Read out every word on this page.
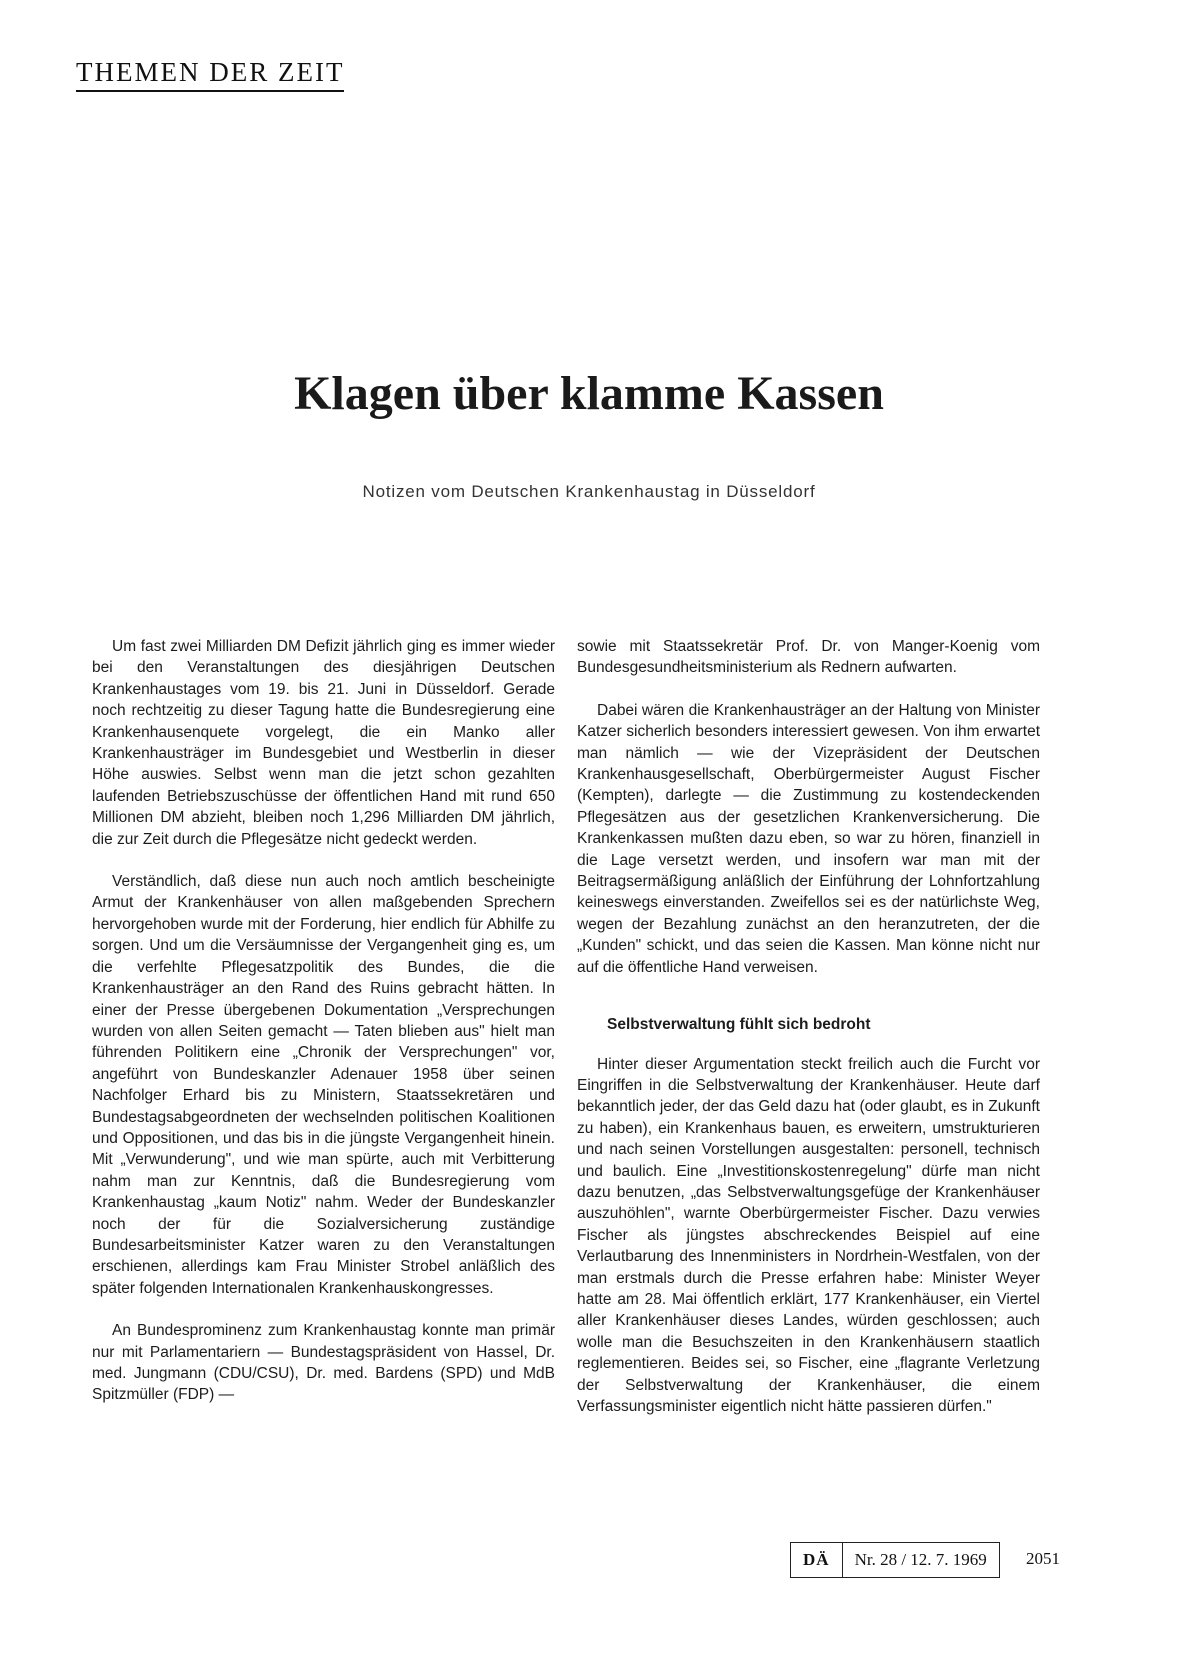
THEMEN DER ZEIT
Klagen über klamme Kassen
Notizen vom Deutschen Krankenhaustag in Düsseldorf

Um fast zwei Milliarden DM Defizit jährlich ging es immer wieder bei den Veranstaltungen des diesjährigen Deutschen Krankenhaustages vom 19. bis 21. Juni in Düsseldorf. Gerade noch rechtzeitig zu dieser Tagung hatte die Bundesregierung eine Krankenhausenquete vorgelegt, die ein Manko aller Krankenhausträger im Bundesgebiet und Westberlin in dieser Höhe auswies. Selbst wenn man die jetzt schon gezahlten laufenden Betriebszuschüsse der öffentlichen Hand mit rund 650 Millionen DM abzieht, bleiben noch 1,296 Milliarden DM jährlich, die zur Zeit durch die Pflegesätze nicht gedeckt werden.

Verständlich, daß diese nun auch noch amtlich bescheinigte Armut der Krankenhäuser von allen maßgebenden Sprechern hervorgehoben wurde mit der Forderung, hier endlich für Abhilfe zu sorgen. Und um die Versäumnisse der Vergangenheit ging es, um die verfehlte Pflegesatzpolitik des Bundes, die die Krankenhausträger an den Rand des Ruins gebracht hätten. In einer der Presse übergebenen Dokumentation „Versprechungen wurden von allen Seiten gemacht — Taten blieben aus" hielt man führenden Politikern eine „Chronik der Versprechungen" vor, angeführt von Bundeskanzler Adenauer 1958 über seinen Nachfolger Erhard bis zu Ministern, Staatssekretären und Bundestagsabgeordneten der wechselnden politischen Koalitionen und Oppositionen, und das bis in die jüngste Vergangenheit hinein. Mit „Verwunderung", und wie man spürte, auch mit Verbitterung nahm man zur Kenntnis, daß die Bundesregierung vom Krankenhaustag „kaum Notiz" nahm. Weder der Bundeskanzler noch der für die Sozialversicherung zuständige Bundesarbeitsminister Katzer waren zu den Veranstaltungen erschienen, allerdings kam Frau Minister Strobel anläßlich des später folgenden Internationalen Krankenhauskongresses.

An Bundesprominenz zum Krankenhaustag konnte man primär nur mit Parlamentariern — Bundestagspräsident von Hassel, Dr. med. Jungmann (CDU/CSU), Dr. med. Bardens (SPD) und MdB Spitzmüller (FDP) —

sowie mit Staatssekretär Prof. Dr. von Manger-Koenig vom Bundesgesundheitsministerium als Rednern aufwarten.

Dabei wären die Krankenhausträger an der Haltung von Minister Katzer sicherlich besonders interessiert gewesen. Von ihm erwartet man nämlich — wie der Vizepräsident der Deutschen Krankenhausgesellschaft, Oberbürgermeister August Fischer (Kempten), darlegte — die Zustimmung zu kostendeckenden Pflegesätzen aus der gesetzlichen Krankenversicherung. Die Krankenkassen mußten dazu eben, so war zu hören, finanziell in die Lage versetzt werden, und insofern war man mit der Beitragsermäßigung anläßlich der Einführung der Lohnfortzahlung keineswegs einverstanden. Zweifellos sei es der natürlichste Weg, wegen der Bezahlung zunächst an den heranzutreten, der die „Kunden" schickt, und das seien die Kassen. Man könne nicht nur auf die öffentliche Hand verweisen.

Selbstverwaltung fühlt sich bedroht

Hinter dieser Argumentation steckt freilich auch die Furcht vor Eingriffen in die Selbstverwaltung der Krankenhäuser. Heute darf bekanntlich jeder, der das Geld dazu hat (oder glaubt, es in Zukunft zu haben), ein Krankenhaus bauen, es erweitern, umstrukturieren und nach seinen Vorstellungen ausgestalten: personell, technisch und baulich. Eine „Investitionskostenregelung" dürfe man nicht dazu benutzen, „das Selbstverwaltungsgefüge der Krankenhäuser auszuhöhlen", warnte Oberbürgermeister Fischer. Dazu verwies Fischer als jüngstes abschreckendes Beispiel auf eine Verlautbarung des Innenministers in Nordrhein-Westfalen, von der man erstmals durch die Presse erfahren habe: Minister Weyer hatte am 28. Mai öffentlich erklärt, 177 Krankenhäuser, ein Viertel aller Krankenhäuser dieses Landes, würden geschlossen; auch wolle man die Besuchszeiten in den Krankenhäusern staatlich reglementieren. Beides sei, so Fischer, eine „flagrante Verletzung der Selbstverwaltung der Krankenhäuser, die einem Verfassungsminister eigentlich nicht hätte passieren dürfen."

DÄ	Nr. 28 / 12. 7. 1969	2051
